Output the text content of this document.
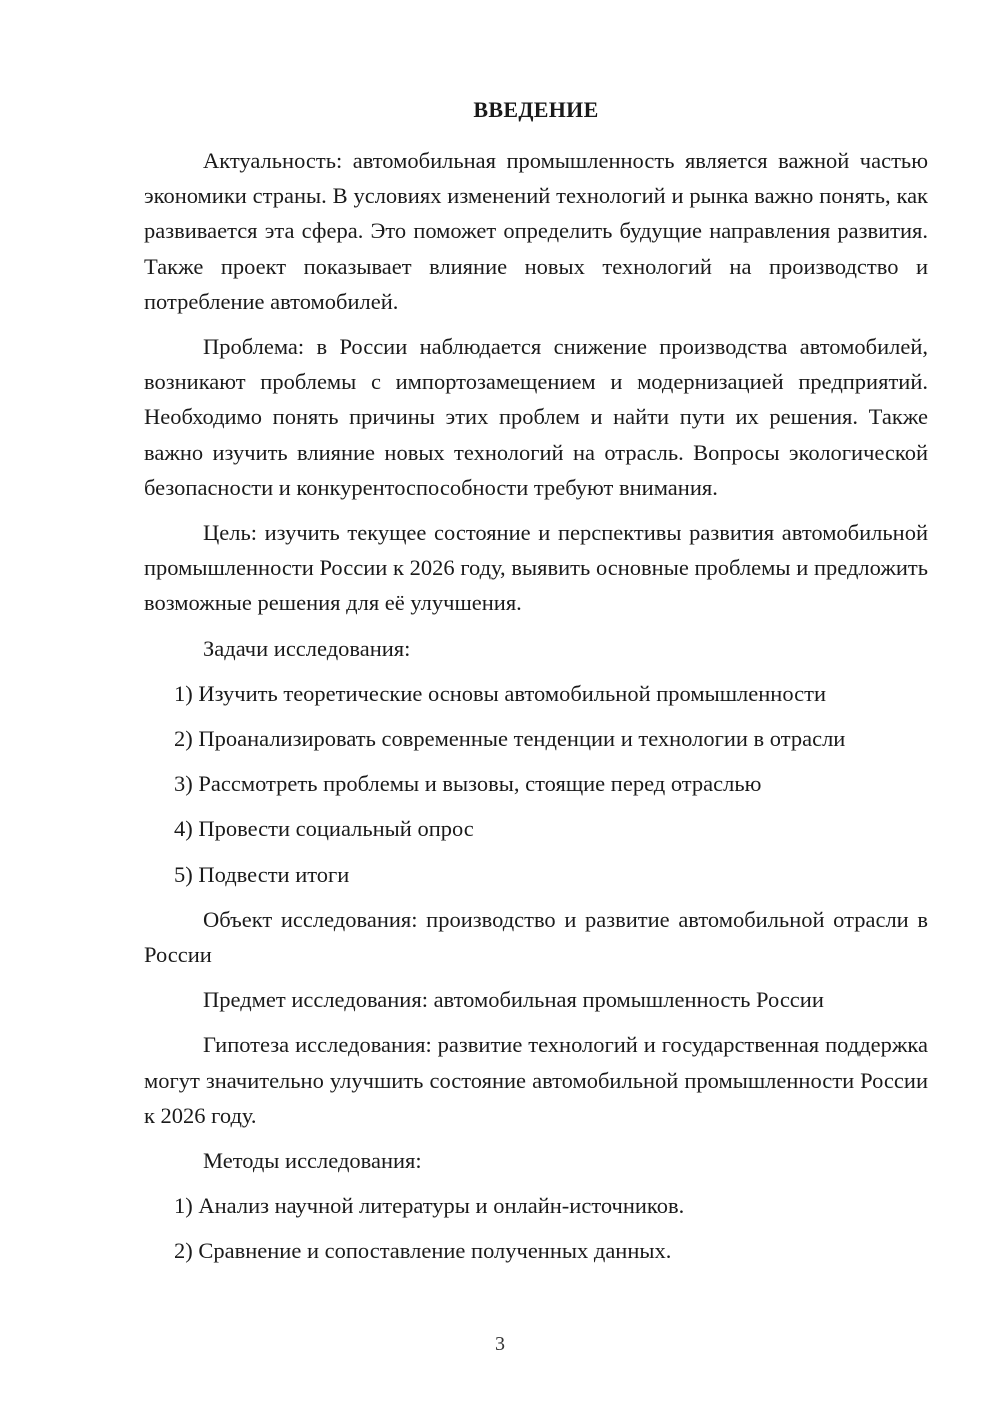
ВВЕДЕНИЕ

Актуальность: автомобильная промышленность является важной частью экономики страны. В условиях изменений технологий и рынка важно понять, как развивается эта сфера. Это поможет определить будущие направления развития. Также проект показывает влияние новых технологий на производство и потребление автомобилей.

Проблема: в России наблюдается снижение производства автомобилей, возникают проблемы с импортозамещением и модернизацией предприятий. Необходимо понять причины этих проблем и найти пути их решения. Также важно изучить влияние новых технологий на отрасль. Вопросы экологической безопасности и конкурентоспособности требуют внимания.

Цель: изучить текущее состояние и перспективы развития автомобильной промышленности России к 2026 году, выявить основные проблемы и предложить возможные решения для её улучшения.

Задачи исследования:
1) Изучить теоретические основы автомобильной промышленности
2) Проанализировать современные тенденции и технологии в отрасли
3) Рассмотреть проблемы и вызовы, стоящие перед отраслью
4) Провести социальный опрос
5) Подвести итоги

Объект исследования: производство и развитие автомобильной отрасли в России

Предмет исследования: автомобильная промышленность России

Гипотеза исследования: развитие технологий и государственная поддержка могут значительно улучшить состояние автомобильной промышленности России к 2026 году.

Методы исследования:
1) Анализ научной литературы и онлайн-источников.
2) Сравнение и сопоставление полученных данных.
3
